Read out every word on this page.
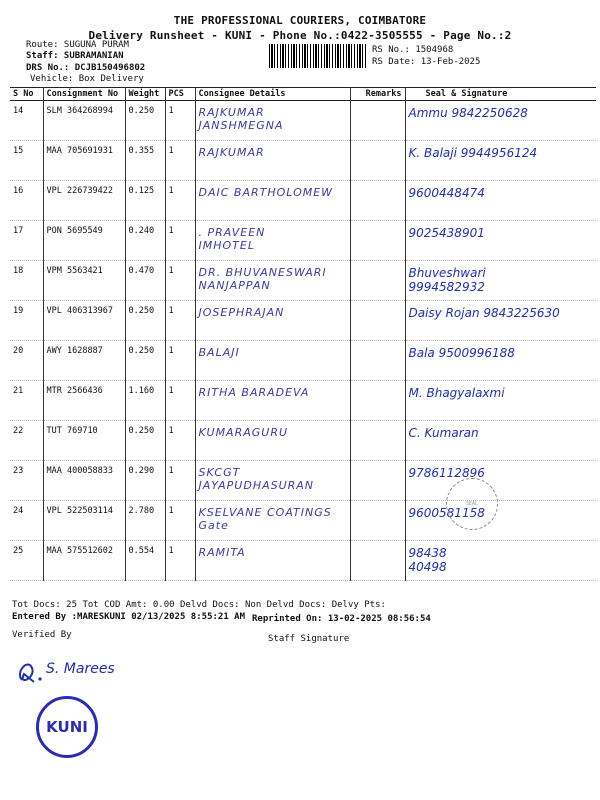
THE PROFESSIONAL COURIERS, COIMBATORE
Delivery Runsheet - KUNI - Phone No.:0422-3505555 - Page No.:2
Route: SUGUNA PURAM
Staff: SUBRAMANIAN
DRS No.: DCJB150496802
Vehicle: Box Delivery
RS No.: 1504968
RS Date: 13-Feb-2025
S No	Consignment No	Weight	PCS	Consignee Details	Remarks	Seal & Signature
14	SLM 364268994	0.250	1	RAJKUMAR
JANSHMEGNA		Ammu 9842250628

15	MAA 705691931	0.355	1	RAJKUMAR		K. Balaji 9944956124

16	VPL 226739422	0.125	1	DAIC BARTHOLOMEW		9600448474

17	PON 5695549	0.240	1	. PRAVEEN
IMHOTEL		9025438901

18	VPM 5563421	0.470	1	DR. BHUVANESWARI
NANJAPPAN		Bhuveshwari
9994582932

19	VPL 406313967	0.250	1	JOSEPHRAJAN		Daisy Rojan 9843225630

20	AWY 1628887	0.250	1	BALAJI		Bala 9500996188

21	MTR 2566436	1.160	1	RITHA BARADEVA		M. Bhagyalaxmi

22	TUT 769710	0.250	1	KUMARAGURU		C. Kumaran

23	MAA 400058833	0.290	1	SKCGT
JAYAPUDHASURAN		9786112896

24	VPL 522503114	2.780	1	KSELVANE COATINGS
Gate		9600581158

25	MAA 575512602	0.554	1	RAMITA		98438
40498
SEAL
Tot Docs: 25 Tot COD Amt: 0.00 Delvd Docs: Non Delvd Docs: Delvy Pts:
Entered By :MARESKUNI 02/13/2025 8:55:21 AM Reprinted On: 13-02-2025 08:56:54
Verified By	Staff Signature
S. Marees
KUNI
